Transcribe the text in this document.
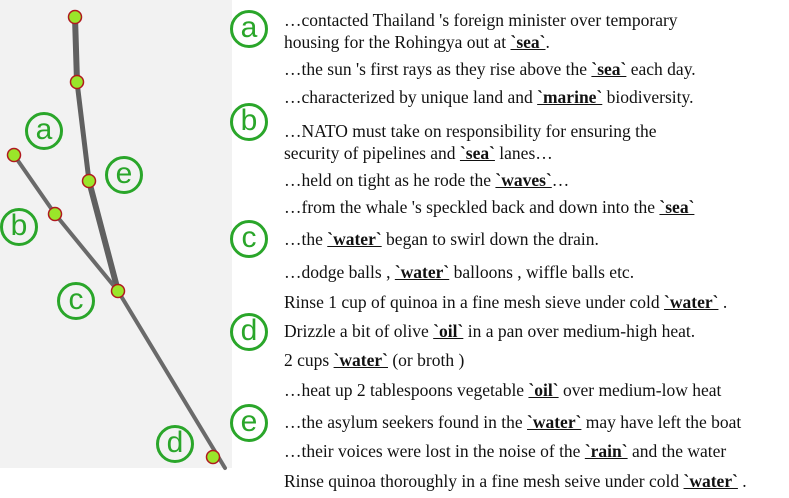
a
b
c
d
e
a
b
c
d
e
…contacted Thailand 's foreign minister over temporary
housing for the Rohingya out at `sea`.
…the sun 's first rays as they rise above the `sea` each day.
…characterized by unique land and `marine` biodiversity.
…NATO must take on responsibility for ensuring the
security of pipelines and `sea` lanes…
…held on tight as he rode the `waves`…
…from the whale 's speckled back and down into the `sea`
…the `water` began to swirl down the drain.
…dodge balls , `water` balloons , wiffle balls etc.
Rinse 1 cup of quinoa in a fine mesh sieve under cold `water` .
Drizzle a bit of olive `oil` in a pan over medium-high heat.
2 cups `water` (or broth )
…heat up 2 tablespoons vegetable `oil` over medium-low heat
…the asylum seekers found in the `water` may have left the boat
…their voices were lost in the noise of the `rain` and the water
Rinse quinoa thoroughly in a fine mesh seive under cold `water` .
